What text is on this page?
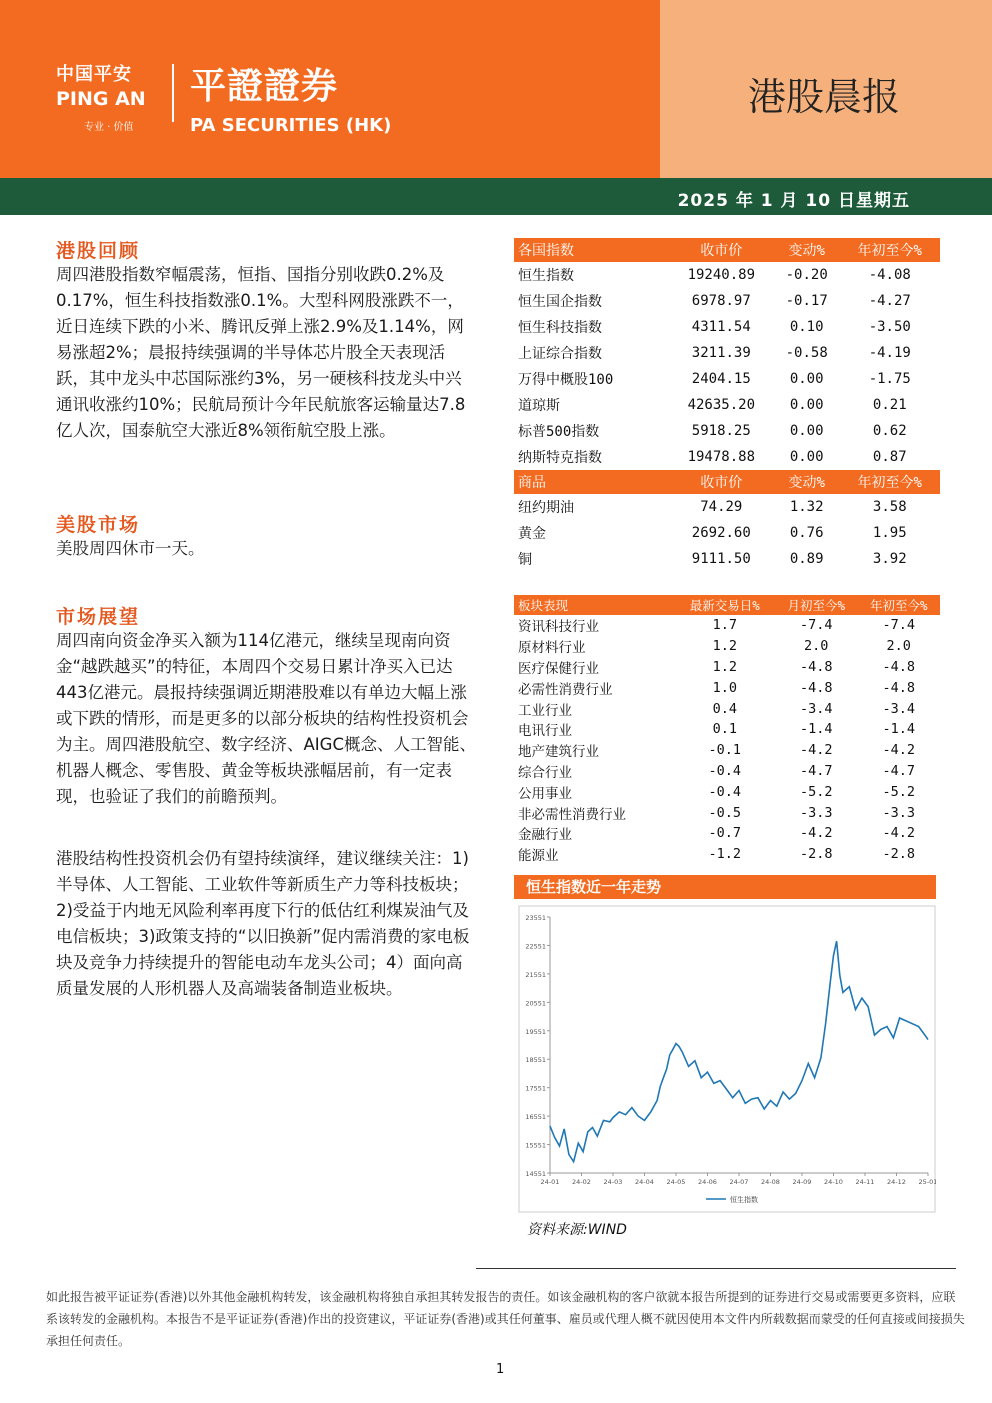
中国平安
PING AN
专业 · 价值
平證證券
PA SECURITIES (HK)
港股晨报
2025 年 1 月 10 日星期五
港股回顾
周四港股指数窄幅震荡，恒指、国指分别收跌0.2%及0.17%，恒生科技指数涨0.1%。大型科网股涨跌不一，近日连续下跌的小米、腾讯反弹上涨2.9%及1.14%，网易涨超2%；晨报持续强调的半导体芯片股全天表现活跃，其中龙头中芯国际涨约3%，另一硬核科技龙头中兴通讯收涨约10%；民航局预计今年民航旅客运输量达7.8亿人次，国泰航空大涨近8%领衔航空股上涨。
美股市场
美股周四休市一天。
市场展望
周四南向资金净买入额为114亿港元，继续呈现南向资金“越跌越买”的特征，本周四个交易日累计净买入已达443亿港元。晨报持续强调近期港股难以有单边大幅上涨或下跌的情形，而是更多的以部分板块的结构性投资机会为主。周四港股航空、数字经济、AIGC概念、人工智能、机器人概念、零售股、黄金等板块涨幅居前，有一定表现，也验证了我们的前瞻预判。
港股结构性投资机会仍有望持续演绎，建议继续关注：1)半导体、人工智能、工业软件等新质生产力等科技板块；2)受益于内地无风险利率再度下行的低估红利煤炭油气及电信板块；3)政策支持的“以旧换新”促内需消费的家电板块及竞争力持续提升的智能电动车龙头公司；4）面向高质量发展的人形机器人及高端装备制造业板块。
各国指数	收市价	变动%	年初至今%
恒生指数	19240.89	-0.20	-4.08
恒生国企指数	6978.97	-0.17	-4.27
恒生科技指数	4311.54	0.10	-3.50
上证综合指数	3211.39	-0.58	-4.19
万得中概股100	2404.15	0.00	-1.75
道琼斯	42635.20	0.00	0.21
标普500指数	5918.25	0.00	0.62
纳斯特克指数	19478.88	0.00	0.87
商品	收市价	变动%	年初至今%
纽约期油	74.29	1.32	3.58
黄金	2692.60	0.76	1.95
铜	9111.50	0.89	3.92
板块表现	最新交易日%	月初至今%	年初至今%
资讯科技行业	1.7	-7.4	-7.4
原材料行业	1.2	2.0	2.0
医疗保健行业	1.2	-4.8	-4.8
必需性消费行业	1.0	-4.8	-4.8
工业行业	0.4	-3.4	-3.4
电讯行业	0.1	-1.4	-1.4
地产建筑行业	-0.1	-4.2	-4.2
综合行业	-0.4	-4.7	-4.7
公用事业	-0.4	-5.2	-5.2
非必需性消费行业	-0.5	-3.3	-3.3
金融行业	-0.7	-4.2	-4.2
能源业	-1.2	-2.8	-2.8
恒生指数近一年走势
14551
15551
16551
17551
18551
19551
20551
21551
22551
23551
24-01 24-02 24-03 24-04 24-05 24-06 24-07 24-08 24-09 24-10 24-11 24-12 25-01
恒生指数
资料来源:WIND
如此报告被平证证券(香港)以外其他金融机构转发，该金融机构将独自承担其转发报告的责任。如该金融机构的客户欲就本报告所提到的证券进行交易或需要更多资料，应联系该转发的金融机构。本报告不是平证证券(香港)作出的投资建议，平证证券(香港)或其任何董事、雇员或代理人概不就因使用本文件内所载数据而蒙受的任何直接或间接损失承担任何责任。
1
